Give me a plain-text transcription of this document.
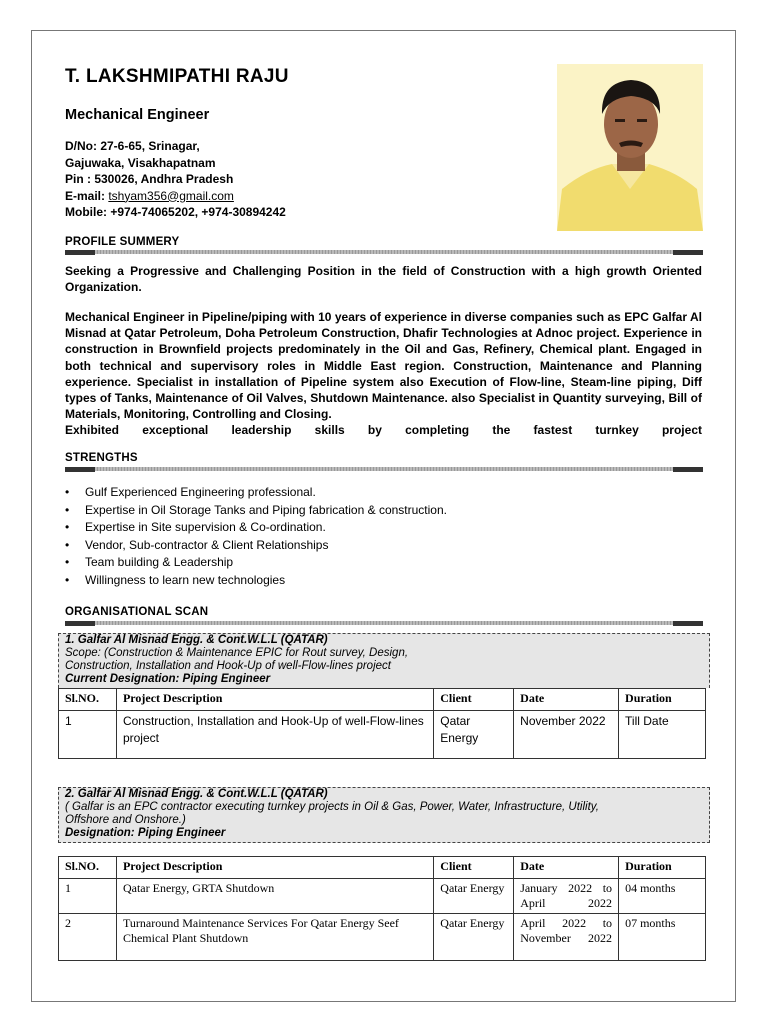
T. LAKSHMIPATHI RAJU
Mechanical Engineer
D/No: 27-6-65, Srinagar,
Gajuwaka, Visakhapatnam
Pin : 530026, Andhra Pradesh
E-mail: tshyam356@gmail.com
Mobile: +974-74065202, +974-30894242
PROFILE SUMMERY
Seeking a Progressive and Challenging Position in the field of Construction with a high growth Oriented Organization.
Mechanical Engineer in Pipeline/piping with 10 years of experience in diverse companies such as EPC Galfar Al Misnad at Qatar Petroleum, Doha Petroleum Construction, Dhafir Technologies at Adnoc project. Experience in construction in Brownfield projects predominately in the Oil and Gas, Refinery, Chemical plant. Engaged in both technical and supervisory roles in Middle East region. Construction, Maintenance and Planning experience. Specialist in installation of Pipeline system also Execution of Flow-line, Steam-line piping, Diff types of Tanks, Maintenance of Oil Valves, Shutdown Maintenance. also Specialist in Quantity surveying, Bill of Materials, Monitoring, Controlling and Closing.
Exhibited exceptional leadership skills by completing the fastest turnkey project
STRENGTHS
• Gulf Experienced Engineering professional.
• Expertise in Oil Storage Tanks and Piping fabrication & construction.
• Expertise in Site supervision & Co-ordination.
• Vendor, Sub-contractor & Client Relationships
• Team building & Leadership
• Willingness to learn new technologies
ORGANISATIONAL SCAN
1. Galfar Al Misnad Engg. & Cont.W.L.L (QATAR)
Scope: (Construction & Maintenance EPIC for Rout survey, Design,
Construction, Installation and Hook-Up of well-Flow-lines project
Current Designation: Piping Engineer
Sl.NO.	Project Description	Client	Date	Duration
1	Construction, Installation and Hook-Up of well-Flow-lines project	Qatar Energy	November 2022	Till Date
2. Galfar Al Misnad Engg. & Cont.W.L.L (QATAR)
( Galfar is an EPC contractor executing turnkey projects in Oil & Gas, Power, Water, Infrastructure, Utility,
Offshore and Onshore.)
Designation: Piping Engineer
Sl.NO.	Project Description	Client	Date	Duration
1	Qatar Energy, GRTA Shutdown	Qatar Energy	January 2022 to April 2022	04 months
2	Turnaround Maintenance Services For Qatar Energy Seef Chemical Plant Shutdown	Qatar Energy	April 2022 to November 2022	07 months
